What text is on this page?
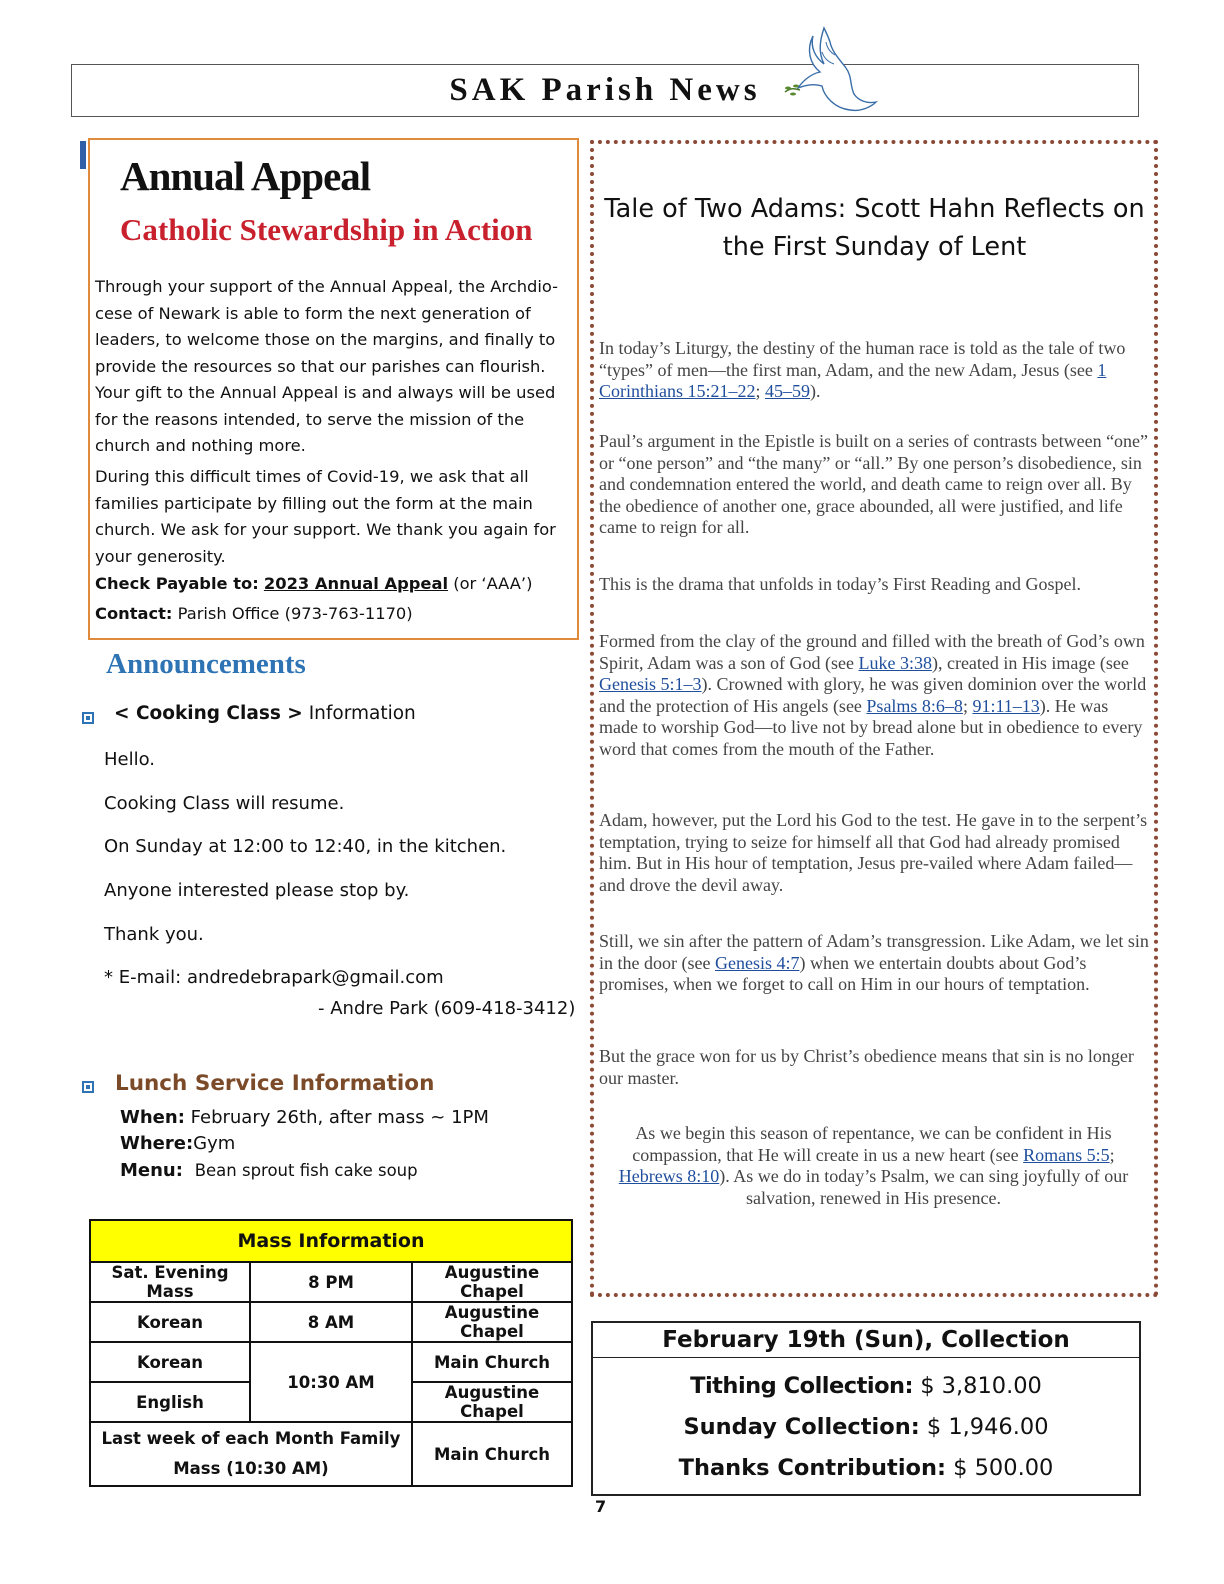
SAK Parish News
Annual Appeal
Catholic Stewardship in Action
Through your support of the Annual Appeal, the Archdio-
cese of Newark is able to form the next generation of
leaders, to welcome those on the margins, and finally to
provide the resources so that our parishes can flourish.
Your gift to the Annual Appeal is and always will be used
for the reasons intended, to serve the mission of the
church and nothing more.
During this difficult times of Covid-19, we ask that all
families participate by filling out the form at the main
church. We ask for your support. We thank you again for
your generosity.
Check Payable to: 2023 Annual Appeal (or ‘AAA’)
Contact: Parish Office (973-763-1170)
Announcements
< Cooking Class > Information
Hello.
Cooking Class will resume.
On Sunday at 12:00 to 12:40, in the kitchen.
Anyone interested please stop by.
Thank you.
* E-mail: andredebrapark@gmail.com
- Andre Park (609-418-3412)
Lunch Service Information
When: February 26th, after mass ~ 1PM
Where:Gym
Menu: Bean sprout fish cake soup
Mass Information		
Sat. Evening Mass	8 PM	Augustine Chapel
Korean	8 AM	Augustine Chapel
Korean	10:30 AM	Main Church
English		Augustine Chapel

Last week of each Month Family
Mass (10:30 AM)		Main Church
Tale of Two Adams: Scott Hahn Reflects on the First Sunday of Lent
In today’s Liturgy, the destiny of the human race is told as the tale of two “types” of men—the first man, Adam, and the new Adam, Jesus (see 1 Corinthians 15:21–22; 45–59).
Paul’s argument in the Epistle is built on a series of contrasts between “one” or “one person” and “the many” or “all.” By one person’s disobedience, sin and condemnation entered the world, and death came to reign over all. By the obedience of another one, grace abounded, all were justified, and life came to reign for all.
This is the drama that unfolds in today’s First Reading and Gospel.
Formed from the clay of the ground and filled with the breath of God’s own Spirit, Adam was a son of God (see Luke 3:38), created in His image (see Genesis 5:1–3). Crowned with glory, he was given dominion over the world and the protection of His angels (see Psalms 8:6–8; 91:11–13). He was made to worship God—to live not by bread alone but in obedience to every word that comes from the mouth of the Father.
Adam, however, put the Lord his God to the test. He gave in to the serpent’s temptation, trying to seize for himself all that God had already promised him. But in His hour of temptation, Jesus pre-vailed where Adam failed—and drove the devil away.
Still, we sin after the pattern of Adam’s transgression. Like Adam, we let sin in the door (see Genesis 4:7) when we entertain doubts about God’s promises, when we forget to call on Him in our hours of temptation.
But the grace won for us by Christ’s obedience means that sin is no longer our master.
As we begin this season of repentance, we can be confident in His compassion, that He will create in us a new heart (see Romans 5:5; Hebrews 8:10). As we do in today’s Psalm, we can sing joyfully of our salvation, renewed in His presence.
February 19th (Sun), Collection
Tithing Collection: $ 3,810.00
Sunday Collection: $ 1,946.00
Thanks Contribution: $ 500.00
7
